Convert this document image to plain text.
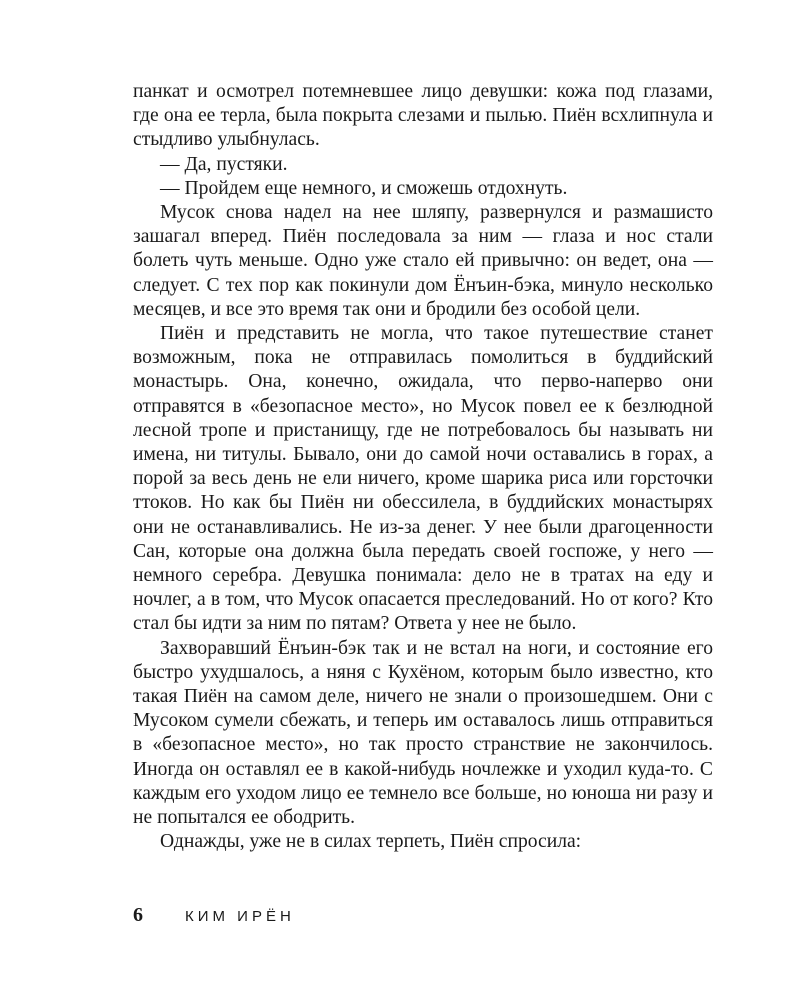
панкат и осмотрел потемневшее лицо девушки: кожа под глазами, где она ее терла, была покрыта слезами и пылью. Пиён всхлипнула и стыдливо улыбнулась.

— Да, пустяки.

— Пройдем еще немного, и сможешь отдохнуть.

Мусок снова надел на нее шляпу, развернулся и размашисто зашагал вперед. Пиён последовала за ним — глаза и нос стали болеть чуть меньше. Одно уже стало ей привычно: он ведет, она — следует. С тех пор как покинули дом Ёнъин-бэка, минуло несколько месяцев, и все это время так они и бродили без особой цели.

Пиён и представить не могла, что такое путешествие станет возможным, пока не отправилась помолиться в буддийский монастырь. Она, конечно, ожидала, что перво-наперво они отправятся в «безопасное место», но Мусок повел ее к безлюдной лесной тропе и пристанищу, где не потребовалось бы называть ни имена, ни титулы. Бывало, они до самой ночи оставались в горах, а порой за весь день не ели ничего, кроме шарика риса или горсточки ттоков. Но как бы Пиён ни обессилела, в буддийских монастырях они не останавливались. Не из-за денег. У нее были драгоценности Сан, которые она должна была передать своей госпоже, у него — немного серебра. Девушка понимала: дело не в тратах на еду и ночлег, а в том, что Мусок опасается преследований. Но от кого? Кто стал бы идти за ним по пятам? Ответа у нее не было.

Захворавший Ёнъин-бэк так и не встал на ноги, и состояние его быстро ухудшалось, а няня с Кухёном, которым было известно, кто такая Пиён на самом деле, ничего не знали о произошедшем. Они с Мусоком сумели сбежать, и теперь им оставалось лишь отправиться в «безопасное место», но так просто странствие не закончилось. Иногда он оставлял ее в какой-нибудь ночлежке и уходил куда-то. С каждым его уходом лицо ее темнело все больше, но юноша ни разу и не попытался ее ободрить.

Однажды, уже не в силах терпеть, Пиён спросила:

6	КИМ ИРЁН
